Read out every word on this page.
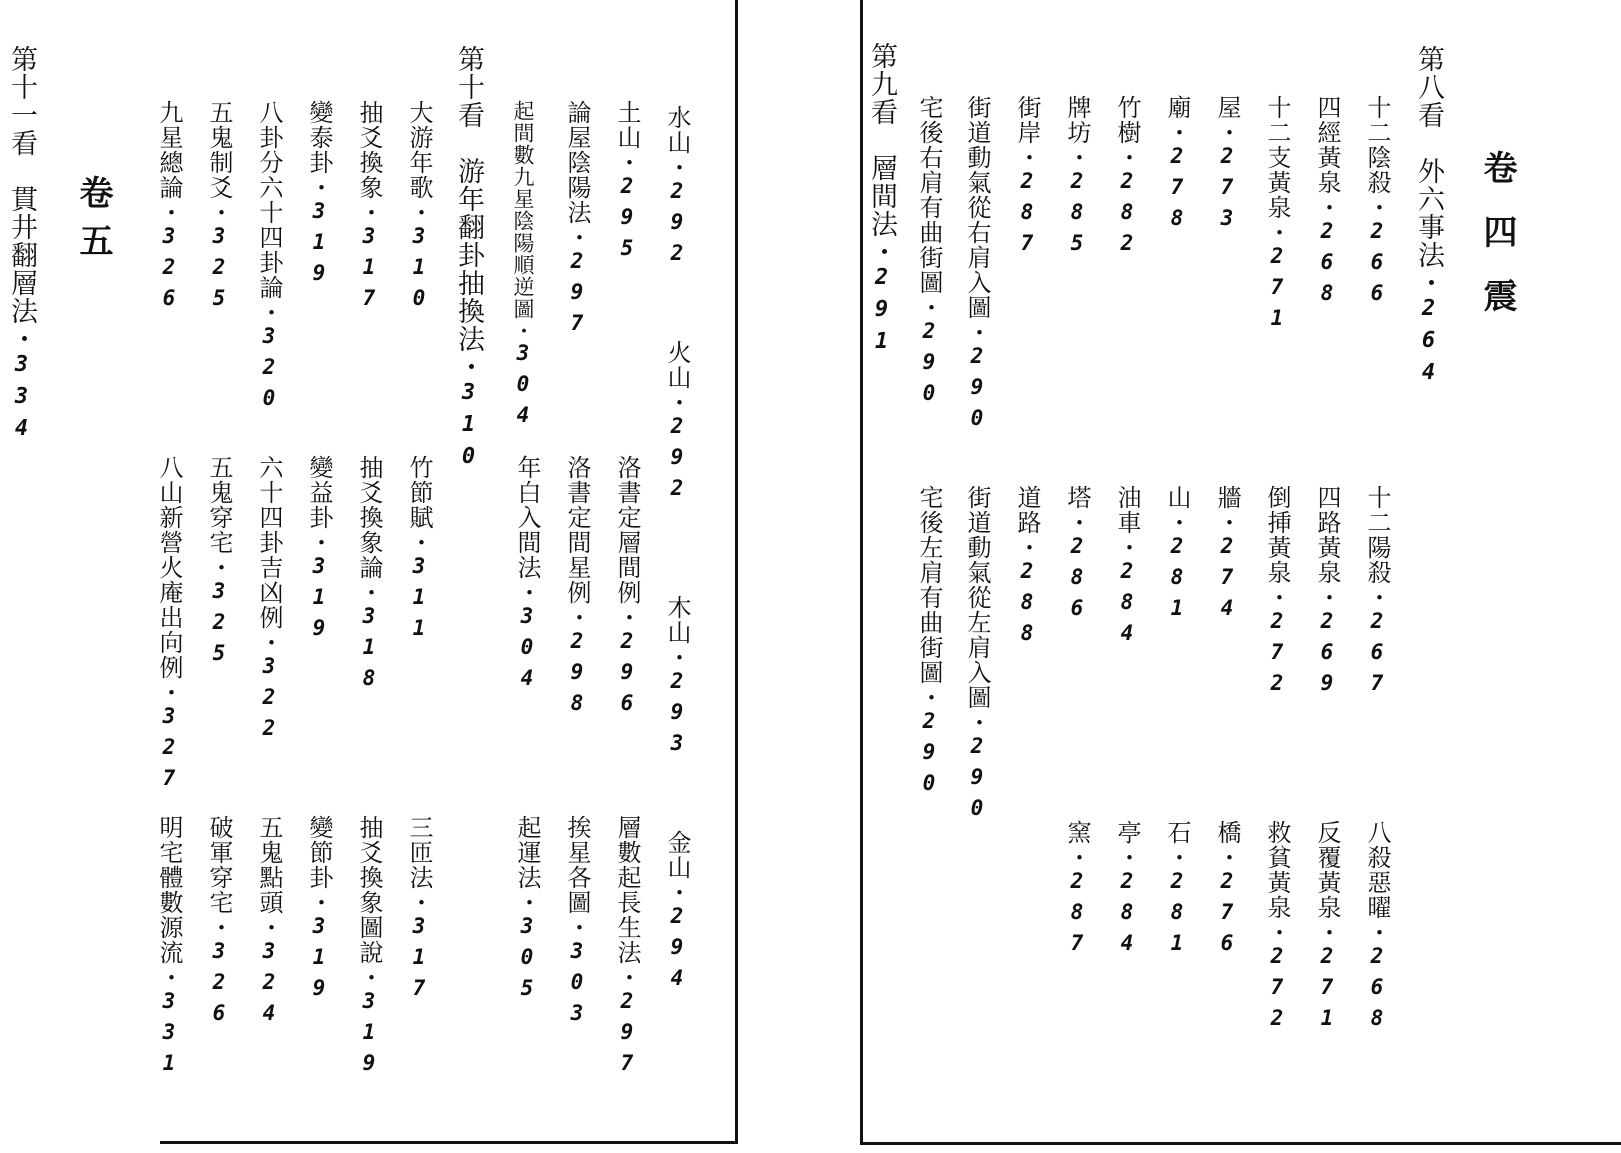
水山・292
火山・292
木山・293
金山・294
土山・295
洛書定層間例・296
層數起長生法・297
論屋陰陽法・297
洛書定間星例・298
挨星各圖・303
起間數九星陰陽順逆圖・304
年白入間法・304
起運法・305
第十看　游年翻卦抽換法・310
大游年歌・310
竹節賦・311
三匝法・317
抽爻換象・317
抽爻換象論・318
抽爻換象圖說・319
變泰卦・319
變益卦・319
變節卦・319
八卦分六十四卦論・320
六十四卦吉凶例・322
五鬼點頭・324
五鬼制爻・325
五鬼穿宅・325
破軍穿宅・326
九星總論・326
八山新營火庵出向例・327
明宅體數源流・331
卷五
第十一看　貫井翻層法・334
卷四震
第八看　外六事法・264
十二陰殺・266
十二陽殺・267
八殺惡曜・268
四經黃泉・268
四路黃泉・269
反覆黃泉・271
十二支黃泉・271
倒挿黃泉・272
救貧黃泉・272
屋・273
牆・274
橋・276
廟・278
山・281
石・281
竹樹・282
油車・284
亭・284
牌坊・285
塔・286
窯・287
街岸・287
道路・288
街道動氣從右肩入圖・290
街道動氣從左肩入圖・290
宅後右肩有曲街圖・290
宅後左肩有曲街圖・290
第九看　層間法・291
